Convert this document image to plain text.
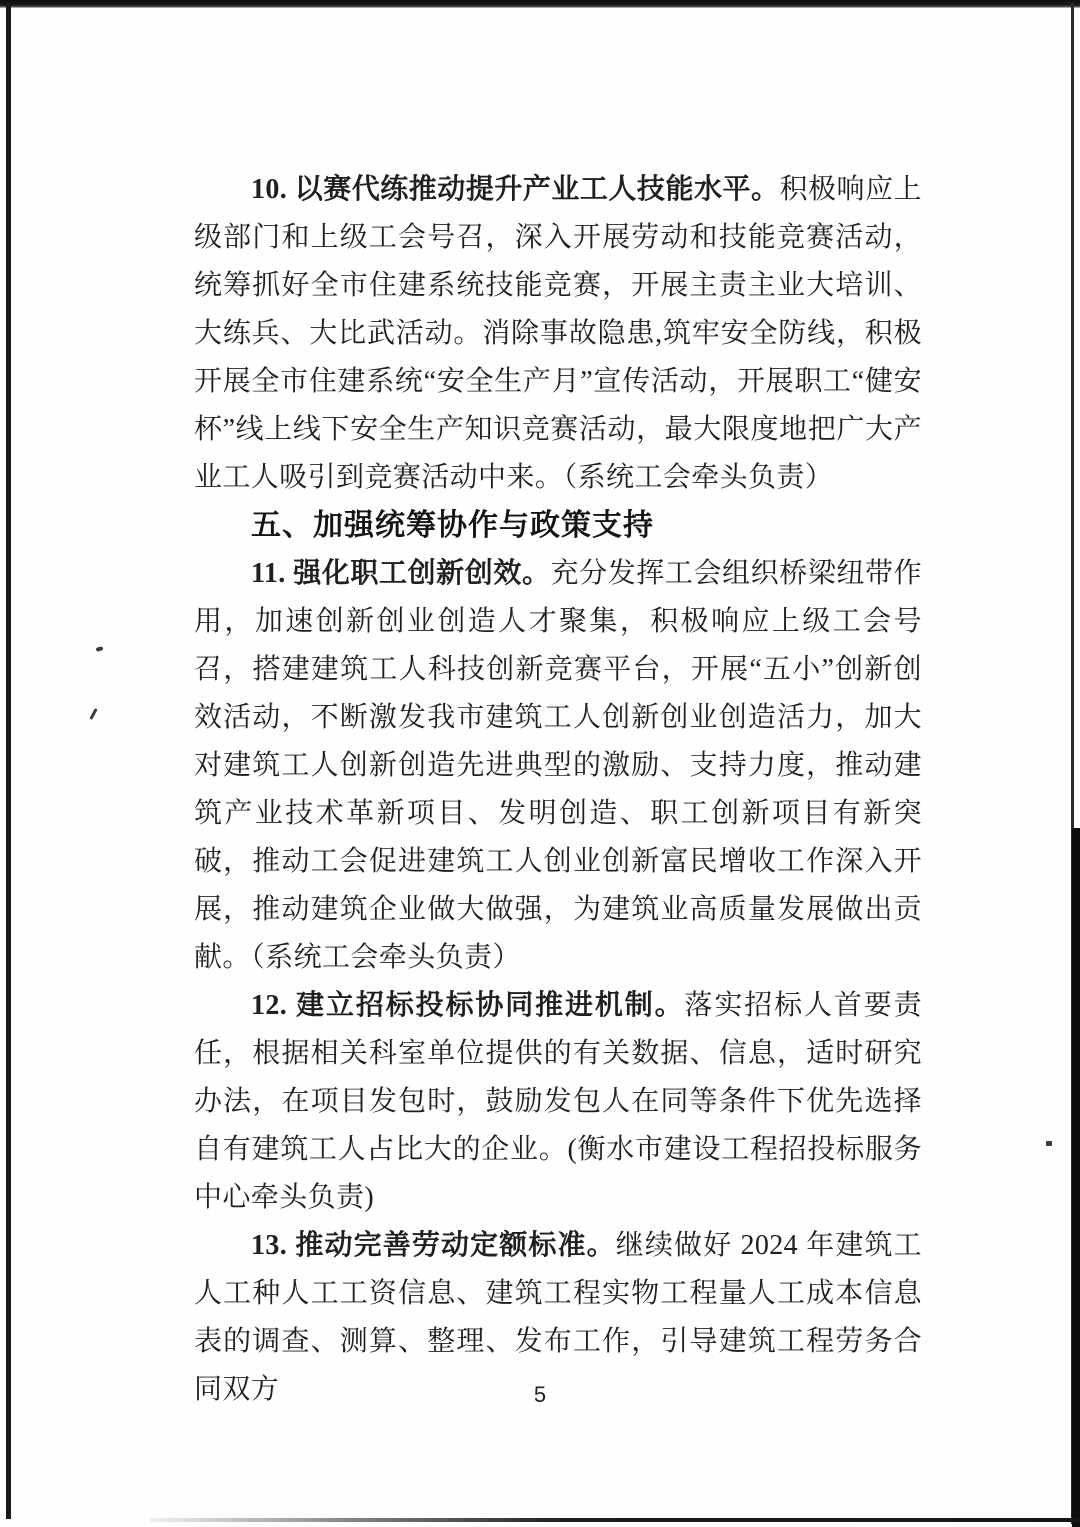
10. 以赛代练推动提升产业工人技能水平。积极响应上级部门和上级工会号召，深入开展劳动和技能竞赛活动，统筹抓好全市住建系统技能竞赛，开展主责主业大培训、大练兵、大比武活动。消除事故隐患,筑牢安全防线，积极开展全市住建系统“安全生产月”宣传活动，开展职工“健安杯”线上线下安全生产知识竞赛活动，最大限度地把广大产业工人吸引到竞赛活动中来。（系统工会牵头负责）

五、加强统筹协作与政策支持

11. 强化职工创新创效。充分发挥工会组织桥梁纽带作用，加速创新创业创造人才聚集，积极响应上级工会号召，搭建建筑工人科技创新竞赛平台，开展“五小”创新创效活动，不断激发我市建筑工人创新创业创造活力，加大对建筑工人创新创造先进典型的激励、支持力度，推动建筑产业技术革新项目、发明创造、职工创新项目有新突破，推动工会促进建筑工人创业创新富民增收工作深入开展，推动建筑企业做大做强，为建筑业高质量发展做出贡献。（系统工会牵头负责）

12. 建立招标投标协同推进机制。落实招标人首要责任，根据相关科室单位提供的有关数据、信息，适时研究办法，在项目发包时，鼓励发包人在同等条件下优先选择自有建筑工人占比大的企业。(衡水市建设工程招投标服务中心牵头负责)

13. 推动完善劳动定额标准。继续做好 2024 年建筑工人工种人工工资信息、建筑工程实物工程量人工成本信息表的调查、测算、整理、发布工作，引导建筑工程劳务合同双方	5
